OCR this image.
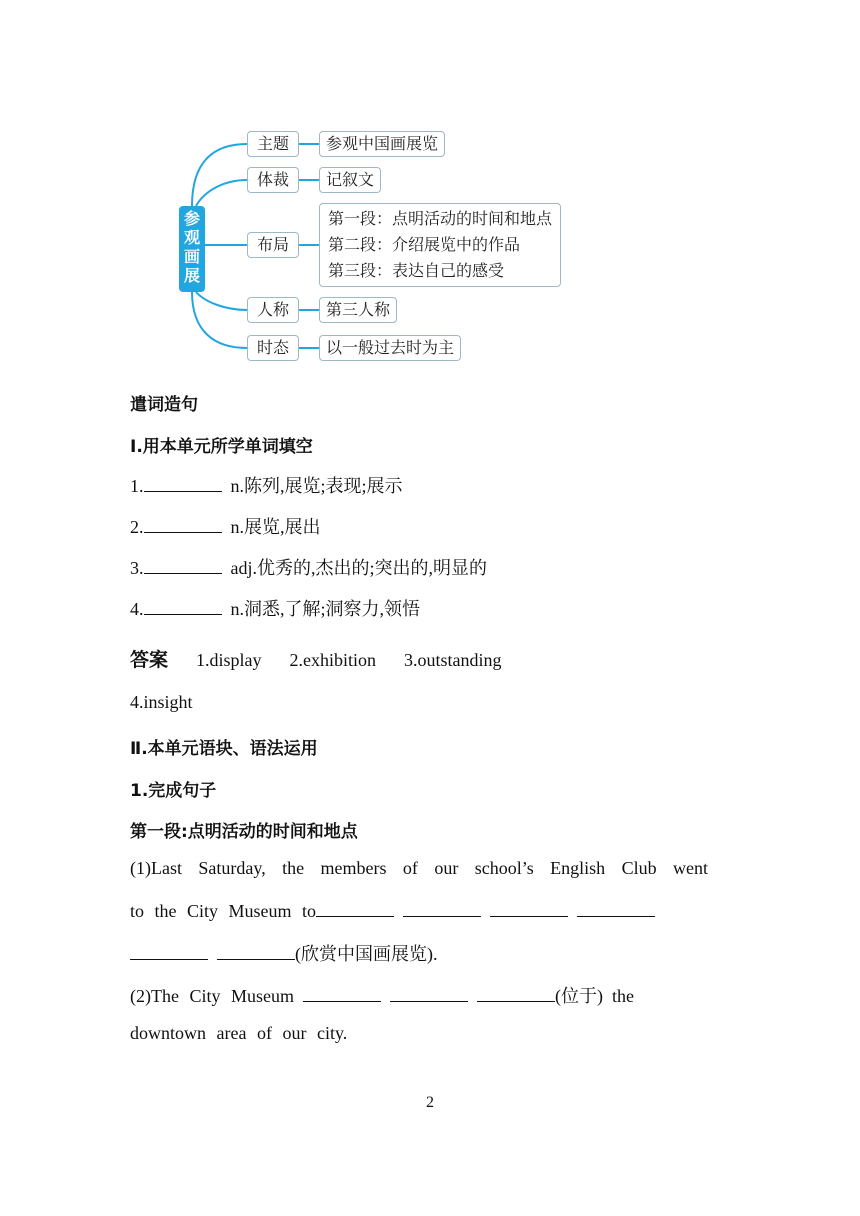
参
观
画
展
主题	参观中国画展览
体裁	记叙文
布局
第一段：点明活动的时间和地点
第二段：介绍展览中的作品
第三段：表达自己的感受
人称	第三人称
时态	以一般过去时为主
遣词造句
Ⅰ.用本单元所学单词填空
1.	n.陈列,展览;表现;展示
2.	n.展览,展出
3.	adj.优秀的,杰出的;突出的,明显的
4.	n.洞悉,了解;洞察力,领悟
答案 1.display 2.exhibition 3.outstanding
4.insight
Ⅱ.本单元语块、语法运用
1.完成句子
第一段:点明活动的时间和地点
(1)Last Saturday, the members of our school’s English Club went
to the City Museum to
(欣赏中国画展览).
(2)The City Museum	(位于) the
downtown area of our city.
2
